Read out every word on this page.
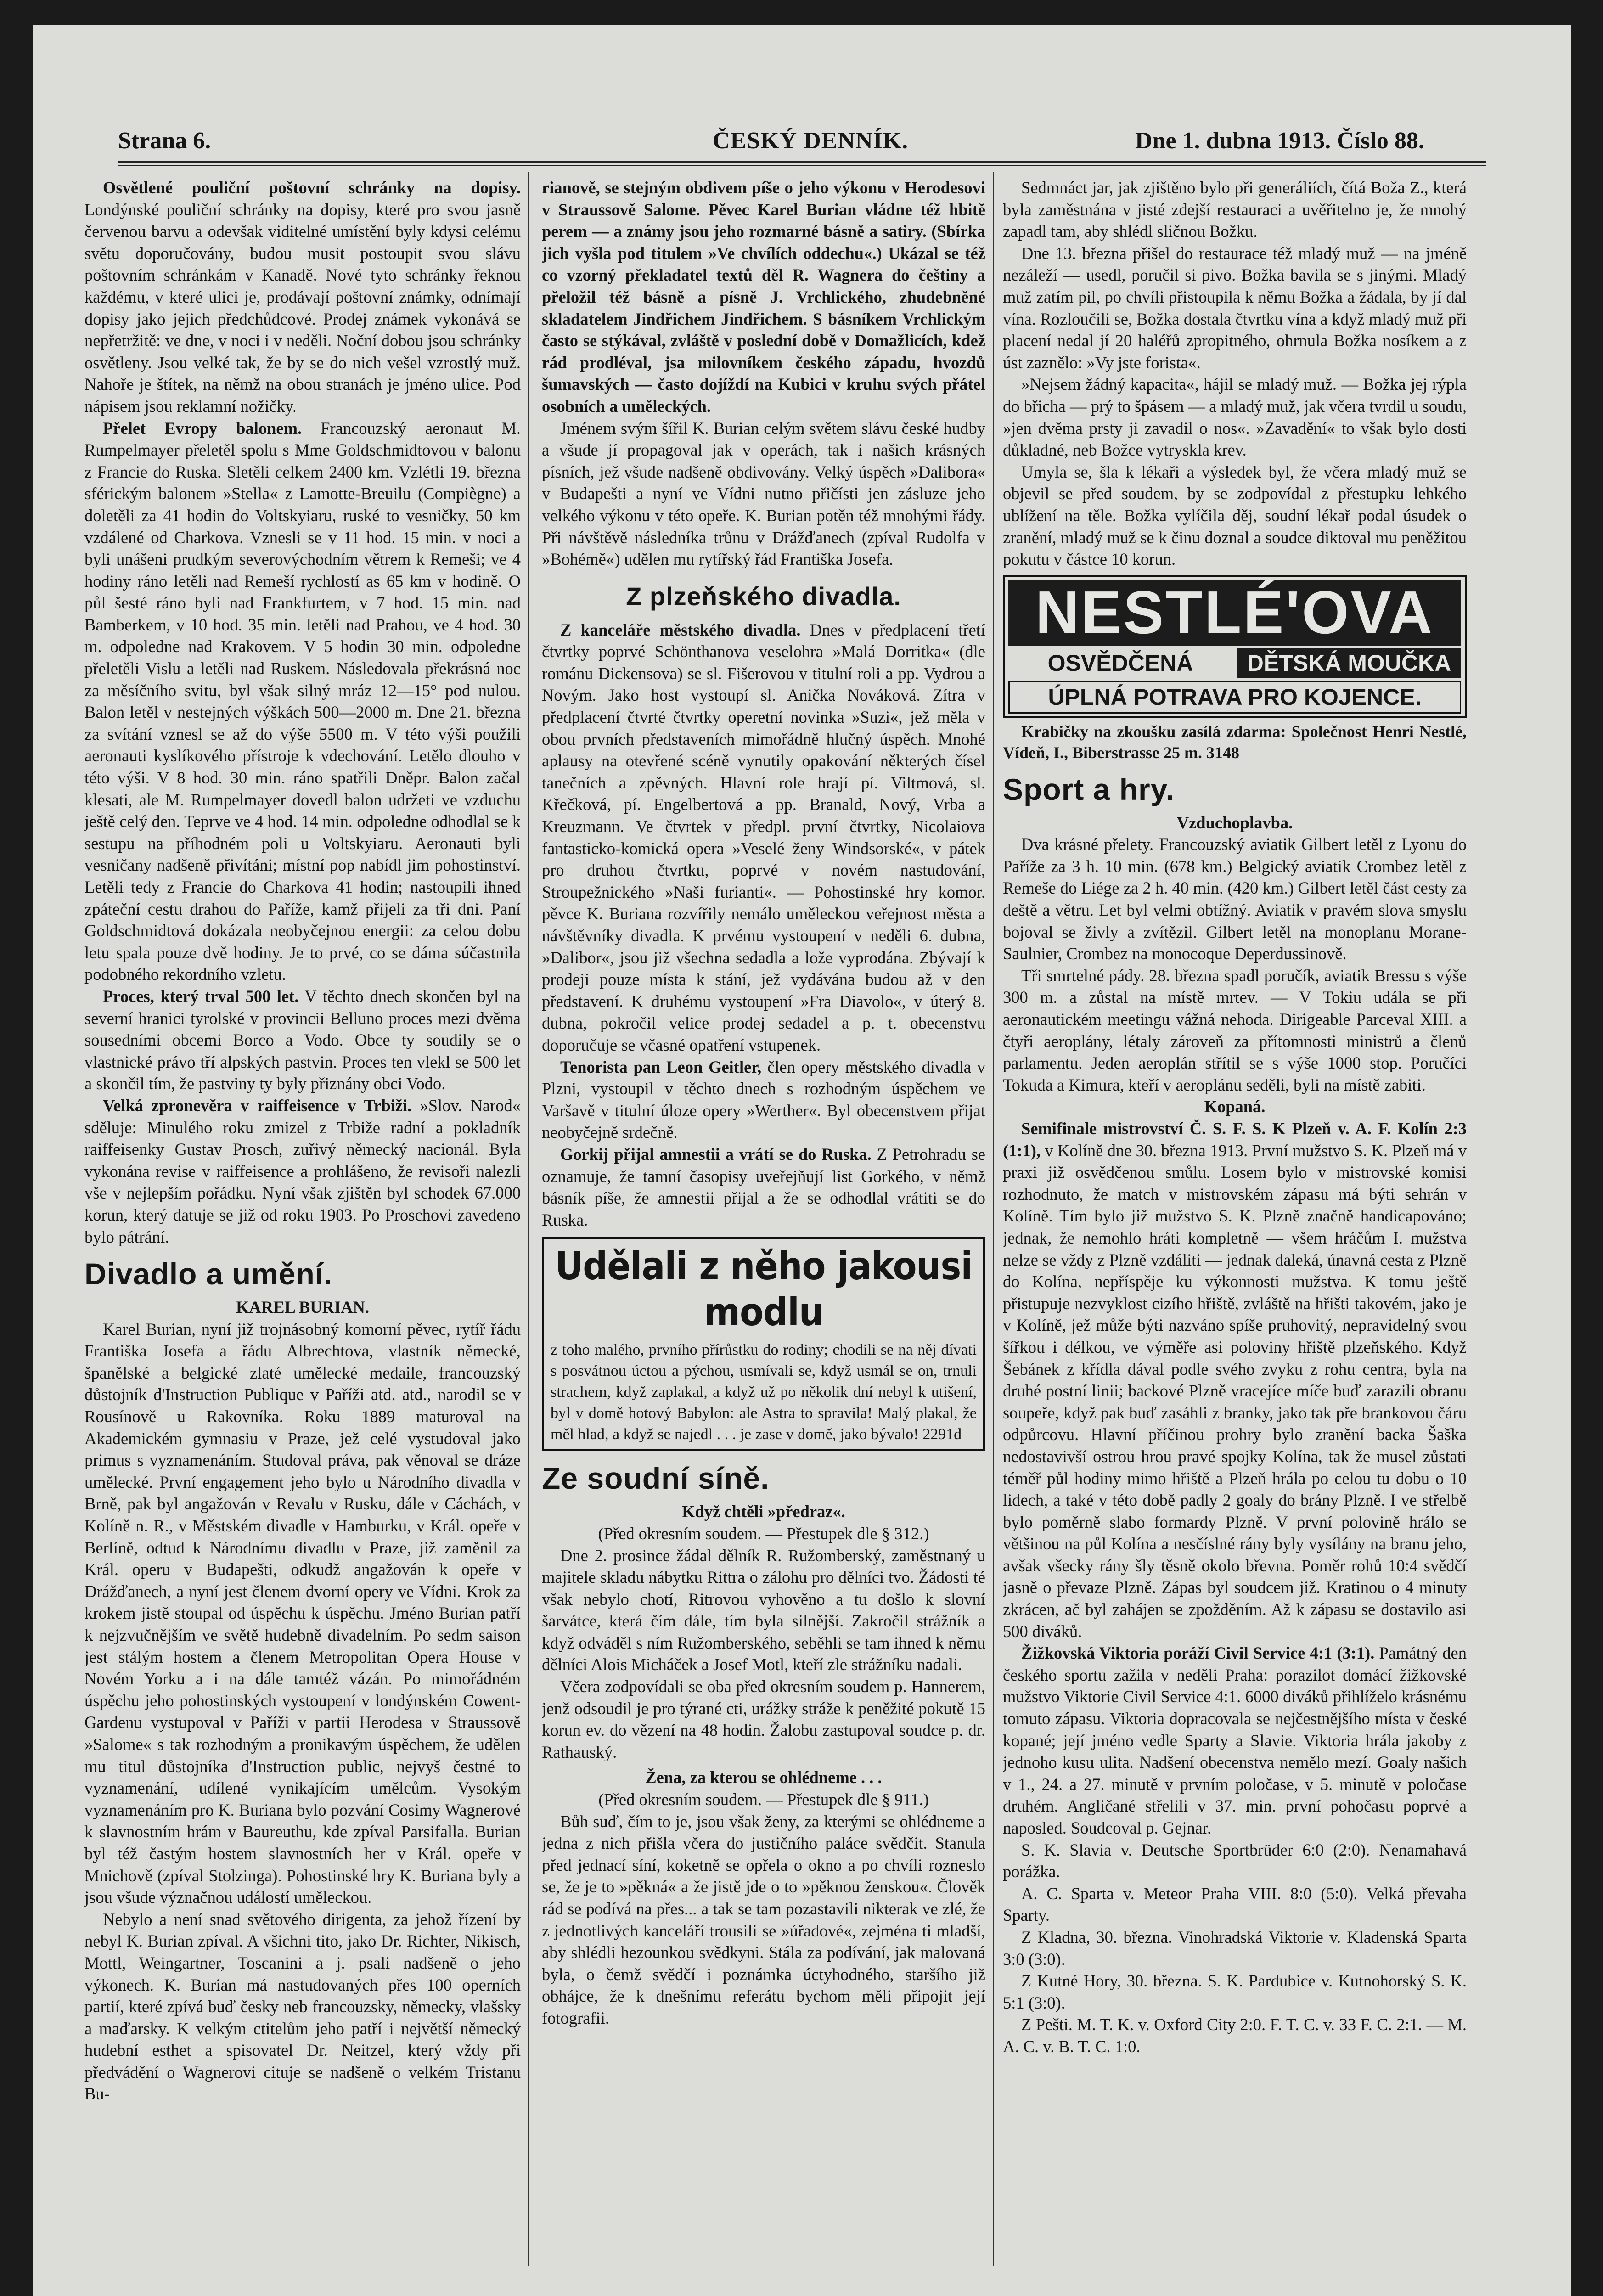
Strana 6.	ČESKÝ DENNÍK.	Dne 1. dubna 1913. Číslo 88.

Osvětlené pouliční poštovní schránky na dopisy. Londýnské pouliční schránky na dopisy, které pro svou jasně červenou barvu a odevšak viditelné umístění byly kdysi celému světu doporučovány, budou musit postoupit svou slávu poštovním schránkám v Kanadě. Nové tyto schránky řeknou každému, v které ulici je, prodávají poštovní známky, odnímají dopisy jako jejich předchůdcové. Prodej známek vykonává se nepřetržitě: ve dne, v noci i v neděli. Noční dobou jsou schránky osvětleny. Jsou velké tak, že by se do nich vešel vzrostlý muž. Nahoře je štítek, na němž na obou stranách je jméno ulice. Pod nápisem jsou reklamní nožičky.

Přelet Evropy balonem. Francouzský aeronaut M. Rumpelmayer přeletěl spolu s Mme Goldschmidtovou v balonu z Francie do Ruska. Sletěli celkem 2400 km. Vzlétli 19. března sférickým balonem »Stella« z Lamotte-Breuilu (Compiègne) a doletěli za 41 hodin do Voltskyiaru, ruské to vesničky, 50 km vzdálené od Charkova. Vznesli se v 11 hod. 15 min. v noci a byli unášeni prudkým severovýchodním větrem k Remeši; ve 4 hodiny ráno letěli nad Remeší rychlostí as 65 km v hodině. O půl šesté ráno byli nad Frankfurtem, v 7 hod. 15 min. nad Bamberkem, v 10 hod. 35 min. letěli nad Prahou, ve 4 hod. 30 m. odpoledne nad Krakovem. V 5 hodin 30 min. odpoledne přeletěli Vislu a letěli nad Ruskem. Následovala překrásná noc za měsíčního svitu, byl však silný mráz 12—15° pod nulou. Balon letěl v nestejných výškách 500—2000 m. Dne 21. března za svítání vznesl se až do výše 5500 m. V této výši použili aeronauti kyslíkového přístroje k vdechování. Letělo dlouho v této výši. V 8 hod. 30 min. ráno spatřili Dněpr. Balon začal klesati, ale M. Rumpelmayer dovedl balon udržeti ve vzduchu ještě celý den. Teprve ve 4 hod. 14 min. odpoledne odhodlal se k sestupu na příhodném poli u Voltskyiaru. Aeronauti byli vesničany nadšeně přivítáni; místní pop nabídl jim pohostinství. Letěli tedy z Francie do Charkova 41 hodin; nastoupili ihned zpáteční cestu drahou do Paříže, kamž přijeli za tři dni. Paní Goldschmidtová dokázala neobyčejnou energii: za celou dobu letu spala pouze dvě hodiny. Je to prvé, co se dáma súčastnila podobného rekordního vzletu.

Proces, který trval 500 let. V těchto dnech skončen byl na severní hranici tyrolské v provincii Belluno proces mezi dvěma sousedními obcemi Borco a Vodo. Obce ty soudily se o vlastnické právo tří alpských pastvin. Proces ten vlekl se 500 let a skončil tím, že pastviny ty byly přiznány obci Vodo.

Velká zpronevěra v raiffeisence v Trbiži. »Slov. Narod« sděluje: Minulého roku zmizel z Trbiže radní a pokladník raiffeisenky Gustav Prosch, zuřivý německý nacionál. Byla vykonána revise v raiffeisence a prohlášeno, že revisoři nalezli vše v nejlepším pořádku. Nyní však zjištěn byl schodek 67.000 korun, který datuje se již od roku 1903. Po Proschovi zavedeno bylo pátrání.

Divadlo a umění.

KAREL BURIAN.

Karel Burian, nyní již trojnásobný komorní pěvec, rytíř řádu Františka Josefa a řádu Albrechtova, vlastník německé, španělské a belgické zlaté umělecké medaile, francouzský důstojník d'Instruction Publique v Paříži atd. atd., narodil se v Rousínově u Rakovníka. Roku 1889 maturoval na Akademickém gymnasiu v Praze, jež celé vystudoval jako primus s vyznamenáním. Studoval práva, pak věnoval se dráze umělecké. První engagement jeho bylo u Národního divadla v Brně, pak byl angažován v Revalu v Rusku, dále v Cáchách, v Kolíně n. R., v Městském divadle v Hamburku, v Král. opeře v Berlíně, odtud k Národnímu divadlu v Praze, již zaměnil za Král. operu v Budapešti, odkudž angažován k opeře v Drážďanech, a nyní jest členem dvorní opery ve Vídni. Krok za krokem jistě stoupal od úspěchu k úspěchu. Jméno Burian patří k nejzvučnějším ve světě hudebně divadelním. Po sedm saison jest stálým hostem a členem Metropolitan Opera House v Novém Yorku a i na dále tamtéž vázán. Po mimořádném úspěchu jeho pohostinských vystoupení v londýnském Cowent-Gardenu vystupoval v Paříži v partii Herodesa v Straussově »Salome« s tak rozhodným a pronikavým úspěchem, že udělen mu titul důstojníka d'Instruction public, nejvyš čestné to vyznamenání, udílené vynikajícím umělcům. Vysokým vyznamenáním pro K. Buriana bylo pozvání Cosimy Wagnerové k slavnostním hrám v Baureuthu, kde zpíval Parsifalla. Burian byl též častým hostem slavnostních her v Král. opeře v Mnichově (zpíval Stolzinga). Pohostinské hry K. Buriana byly a jsou všude význačnou událostí uměleckou.

Nebylo a není snad světového dirigenta, za jehož řízení by nebyl K. Burian zpíval. A všichni tito, jako Dr. Richter, Nikisch, Mottl, Weingartner, Toscanini a j. psali nadšeně o jeho výkonech. K. Burian má nastudovaných přes 100 operních partií, které zpívá buď česky neb francouzsky, německy, vlašsky a maďarsky. K velkým ctitelům jeho patří i největší německý hudební esthet a spisovatel Dr. Neitzel, který vždy při předvádění o Wagnerovi cituje se nadšeně o velkém Tristanu Bu-

rianově, se stejným obdivem píše o jeho výkonu v Herodesovi v Straussově Salome. Pěvec Karel Burian vládne též hbitě perem — a známy jsou jeho rozmarné básně a satiry. (Sbírka jich vyšla pod titulem »Ve chvílích oddechu«.) Ukázal se též co vzorný překladatel textů děl R. Wagnera do češtiny a přeložil též básně a písně J. Vrchlického, zhudebněné skladatelem Jindřichem Jindřichem. S básníkem Vrchlickým často se stýkával, zvláště v poslední době v Domažlicích, kdež rád prodléval, jsa milovníkem českého západu, hvozdů šumavských — často dojíždí na Kubici v kruhu svých přátel osobních a uměleckých.

Jménem svým šířil K. Burian celým světem slávu české hudby a všude jí propagoval jak v operách, tak i našich krásných písních, jež všude nadšeně obdivovány. Velký úspěch »Dalibora« v Budapešti a nyní ve Vídni nutno přičísti jen zásluze jeho velkého výkonu v této opeře. K. Burian potěn též mnohými řády. Při návštěvě následníka trůnu v Drážďanech (zpíval Rudolfa v »Bohémě«) udělen mu rytířský řád Františka Josefa.

Z plzeňského divadla.

Z kanceláře městského divadla. Dnes v předplacení třetí čtvrtky poprvé Schönthanova veselohra »Malá Dorritka« (dle románu Dickensova) se sl. Fišerovou v titulní roli a pp. Vydrou a Novým. Jako host vystoupí sl. Anička Nováková. Zítra v předplacení čtvrté čtvrtky operetní novinka »Suzi«, jež měla v obou prvních představeních mimořádně hlučný úspěch. Mnohé aplausy na otevřené scéně vynutily opakování některých čísel tanečních a zpěvných. Hlavní role hrají pí. Viltmová, sl. Křečková, pí. Engelbertová a pp. Branald, Nový, Vrba a Kreuzmann. Ve čtvrtek v předpl. první čtvrtky, Nicolaiova fantasticko-komická opera »Veselé ženy Windsorské«, v pátek pro druhou čtvrtku, poprvé v novém nastudování, Stroupežnického »Naši furianti«. — Pohostinské hry komor. pěvce K. Buriana rozvířily nemálo uměleckou veřejnost města a návštěvníky divadla. K prvému vystoupení v neděli 6. dubna, »Dalibor«, jsou již všechna sedadla a lože vyprodána. Zbývají k prodeji pouze místa k stání, jež vydávána budou až v den představení. K druhému vystoupení »Fra Diavolo«, v úterý 8. dubna, pokročil velice prodej sedadel a p. t. obecenstvu doporučuje se včasné opatření vstupenek.

Tenorista pan Leon Geitler, člen opery městského divadla v Plzni, vystoupil v těchto dnech s rozhodným úspěchem ve Varšavě v titulní úloze opery »Werther«. Byl obecenstvem přijat neobyčejně srdečně.

Gorkij přijal amnestii a vrátí se do Ruska. Z Petrohradu se oznamuje, že tamní časopisy uveřejňují list Gorkého, v němž básník píše, že amnestii přijal a že se odhodlal vrátiti se do Ruska.

Udělali z něho jakousi modlu

z toho malého, prvního přírůstku do rodiny; chodili se na něj dívati s posvátnou úctou a pýchou, usmívali se, když usmál se on, trnuli strachem, když zaplakal, a když už po několik dní nebyl k utišení, byl v domě hotový Babylon: ale Astra to spravila! Malý plakal, že měl hlad, a když se najedl . . . je zase v domě, jako bývalo! 2291d

Ze soudní síně.

Když chtěli »předraz«.

(Před okresním soudem. — Přestupek dle § 312.)

Dne 2. prosince žádal dělník R. Ružomberský, zaměstnaný u majitele skladu nábytku Rittra o zálohu pro dělníci tvo. Žádosti té však nebylo chotí, Ritrovou vyhověno a tu došlo k slovní šarvátce, která čím dále, tím byla silnější. Zakročil strážník a když odváděl s ním Ružomberského, seběhli se tam ihned k němu dělníci Alois Micháček a Josef Motl, kteří zle strážníku nadali.

Včera zodpovídali se oba před okresním soudem p. Hannerem, jenž odsoudil je pro týrané cti, urážky stráže k peněžité pokutě 15 korun ev. do vězení na 48 hodin. Žalobu zastupoval soudce p. dr. Rathauský.

Žena, za kterou se ohlédneme . . .

(Před okresním soudem. — Přestupek dle § 911.)

Bůh suď, čím to je, jsou však ženy, za kterými se ohlédneme a jedna z nich přišla včera do justičního paláce svědčit. Stanula před jednací síní, koketně se opřela o okno a po chvíli rozneslo se, že je to »pěkná« a že jistě jde o to »pěknou ženskou«. Člověk rád se podívá na přes... a tak se tam pozastavili nikterak ve zlé, že z jednotlivých kanceláří trousili se »úřadové«, zejména ti mladší, aby shlédli hezounkou svědkyni. Stála za podívání, jak malovaná byla, o čemž svědčí i poznámka úctyhodného, staršího již obhájce, že k dnešnímu referátu bychom měli připojit její fotografii.

Sedmnáct jar, jak zjištěno bylo při generáliích, čítá Boža Z., která byla zaměstnána v jisté zdejší restauraci a uvěřitelno je, že mnohý zapadl tam, aby shlédl sličnou Božku.

Dne 13. března přišel do restaurace též mladý muž — na jméně nezáleží — usedl, poručil si pivo. Božka bavila se s jinými. Mladý muž zatím pil, po chvíli přistoupila k němu Božka a žádala, by jí dal vína. Rozloučili se, Božka dostala čtvrtku vína a když mladý muž při placení nedal jí 20 haléřů zpropitného, ohrnula Božka nosíkem a z úst zaznělo: »Vy jste forista«.

»Nejsem žádný kapacita«, hájil se mladý muž. — Božka jej rýpla do břicha — prý to špásem — a mladý muž, jak včera tvrdil u soudu, »jen dvěma prsty ji zavadil o nos«. »Zavadění« to však bylo dosti důkladné, neb Božce vytryskla krev.

Umyla se, šla k lékaři a výsledek byl, že včera mladý muž se objevil se před soudem, by se zodpovídal z přestupku lehkého ublížení na těle. Božka vylíčila děj, soudní lékař podal úsudek o zranění, mladý muž se k činu doznal a soudce diktoval mu peněžitou pokutu v částce 10 korun.

NESTLÉ'OVA
OSVĚDČENÁ	DĚTSKÁ MOUČKA
ÚPLNÁ POTRAVA PRO KOJENCE.

Krabičky na zkoušku zasílá zdarma: Společnost Henri Nestlé, Vídeň, I., Biberstrasse 25 m. 3148

Sport a hry.

Vzduchoplavba.

Dva krásné přelety. Francouzský aviatik Gilbert letěl z Lyonu do Paříže za 3 h. 10 min. (678 km.) Belgický aviatik Crombez letěl z Remeše do Liége za 2 h. 40 min. (420 km.) Gilbert letěl část cesty za deště a větru. Let byl velmi obtížný. Aviatik v pravém slova smyslu bojoval se živly a zvítězil. Gilbert letěl na monoplanu Morane-Saulnier, Crombez na monocoque Deperdussinově.

Tři smrtelné pády. 28. března spadl poručík, aviatik Bressu s výše 300 m. a zůstal na místě mrtev. — V Tokiu udála se při aeronautickém meetingu vážná nehoda. Dirigeable Parceval XIII. a čtyři aeroplány, létaly zároveň za přítomnosti ministrů a členů parlamentu. Jeden aeroplán střítil se s výše 1000 stop. Poručíci Tokuda a Kimura, kteří v aeroplánu seděli, byli na místě zabiti.

Kopaná.

Semifinale mistrovství Č. S. F. S. K Plzeň v. A. F. Kolín 2:3 (1:1), v Kolíně dne 30. března 1913. První mužstvo S. K. Plzeň má v praxi již osvědčenou smůlu. Losem bylo v mistrovské komisi rozhodnuto, že match v mistrovském zápasu má býti sehrán v Kolíně. Tím bylo již mužstvo S. K. Plzně značně handicapováno; jednak, že nemohlo hráti kompletně — všem hráčům I. mužstva nelze se vždy z Plzně vzdáliti — jednak daleká, únavná cesta z Plzně do Kolína, nepříspěje ku výkonnosti mužstva. K tomu ještě přistupuje nezvyklost cizího hřiště, zvláště na hřišti takovém, jako je v Kolíně, jež může býti nazváno spíše pruhovitý, nepravidelný svou šířkou i délkou, ve výměře asi poloviny hřiště plzeňského. Když Šebánek z křídla dával podle svého zvyku z rohu centra, byla na druhé postní linii; backové Plzně vracejíce míče buď zarazili obranu soupeře, když pak buď zasáhli z branky, jako tak pře brankovou čáru odpůrcovu. Hlavní příčinou prohry bylo zranění backa Šaška nedostavivší ostrou hrou pravé spojky Kolína, tak že musel zůstati téměř půl hodiny mimo hřiště a Plzeň hrála po celou tu dobu o 10 lidech, a také v této době padly 2 goaly do brány Plzně. I ve střelbě bylo poměrně slabo formardy Plzně. V první polovině hrálo se většinou na půl Kolína a nesčíslné rány byly vysílány na branu jeho, avšak všecky rány šly těsně okolo břevna. Poměr rohů 10:4 svědčí jasně o převaze Plzně. Zápas byl soudcem již. Kratinou o 4 minuty zkrácen, ač byl zahájen se zpožděním. Až k zápasu se dostavilo asi 500 diváků.

Žižkovská Viktoria poráží Civil Service 4:1 (3:1). Památný den českého sportu zažila v neděli Praha: porazilot domácí žižkovské mužstvo Viktorie Civil Service 4:1. 6000 diváků přihlíželo krásnému tomuto zápasu. Viktoria dopracovala se nejčestnějšího místa v české kopané; její jméno vedle Sparty a Slavie. Viktoria hrála jakoby z jednoho kusu ulita. Nadšení obecenstva nemělo mezí. Goaly našich v 1., 24. a 27. minutě v prvním poločase, v 5. minutě v poločase druhém. Angličané střelili v 37. min. první pohočasu poprvé a naposled. Soudcoval p. Gejnar.

S. K. Slavia v. Deutsche Sportbrüder 6:0 (2:0). Nenamahavá porážka.

A. C. Sparta v. Meteor Praha VIII. 8:0 (5:0). Velká převaha Sparty.

Z Kladna, 30. března. Vinohradská Viktorie v. Kladenská Sparta 3:0 (3:0).

Z Kutné Hory, 30. března. S. K. Pardubice v. Kutnohorský S. K. 5:1 (3:0).

Z Pešti. M. T. K. v. Oxford City 2:0. F. T. C. v. 33 F. C. 2:1. — M. A. C. v. B. T. C. 1:0.
